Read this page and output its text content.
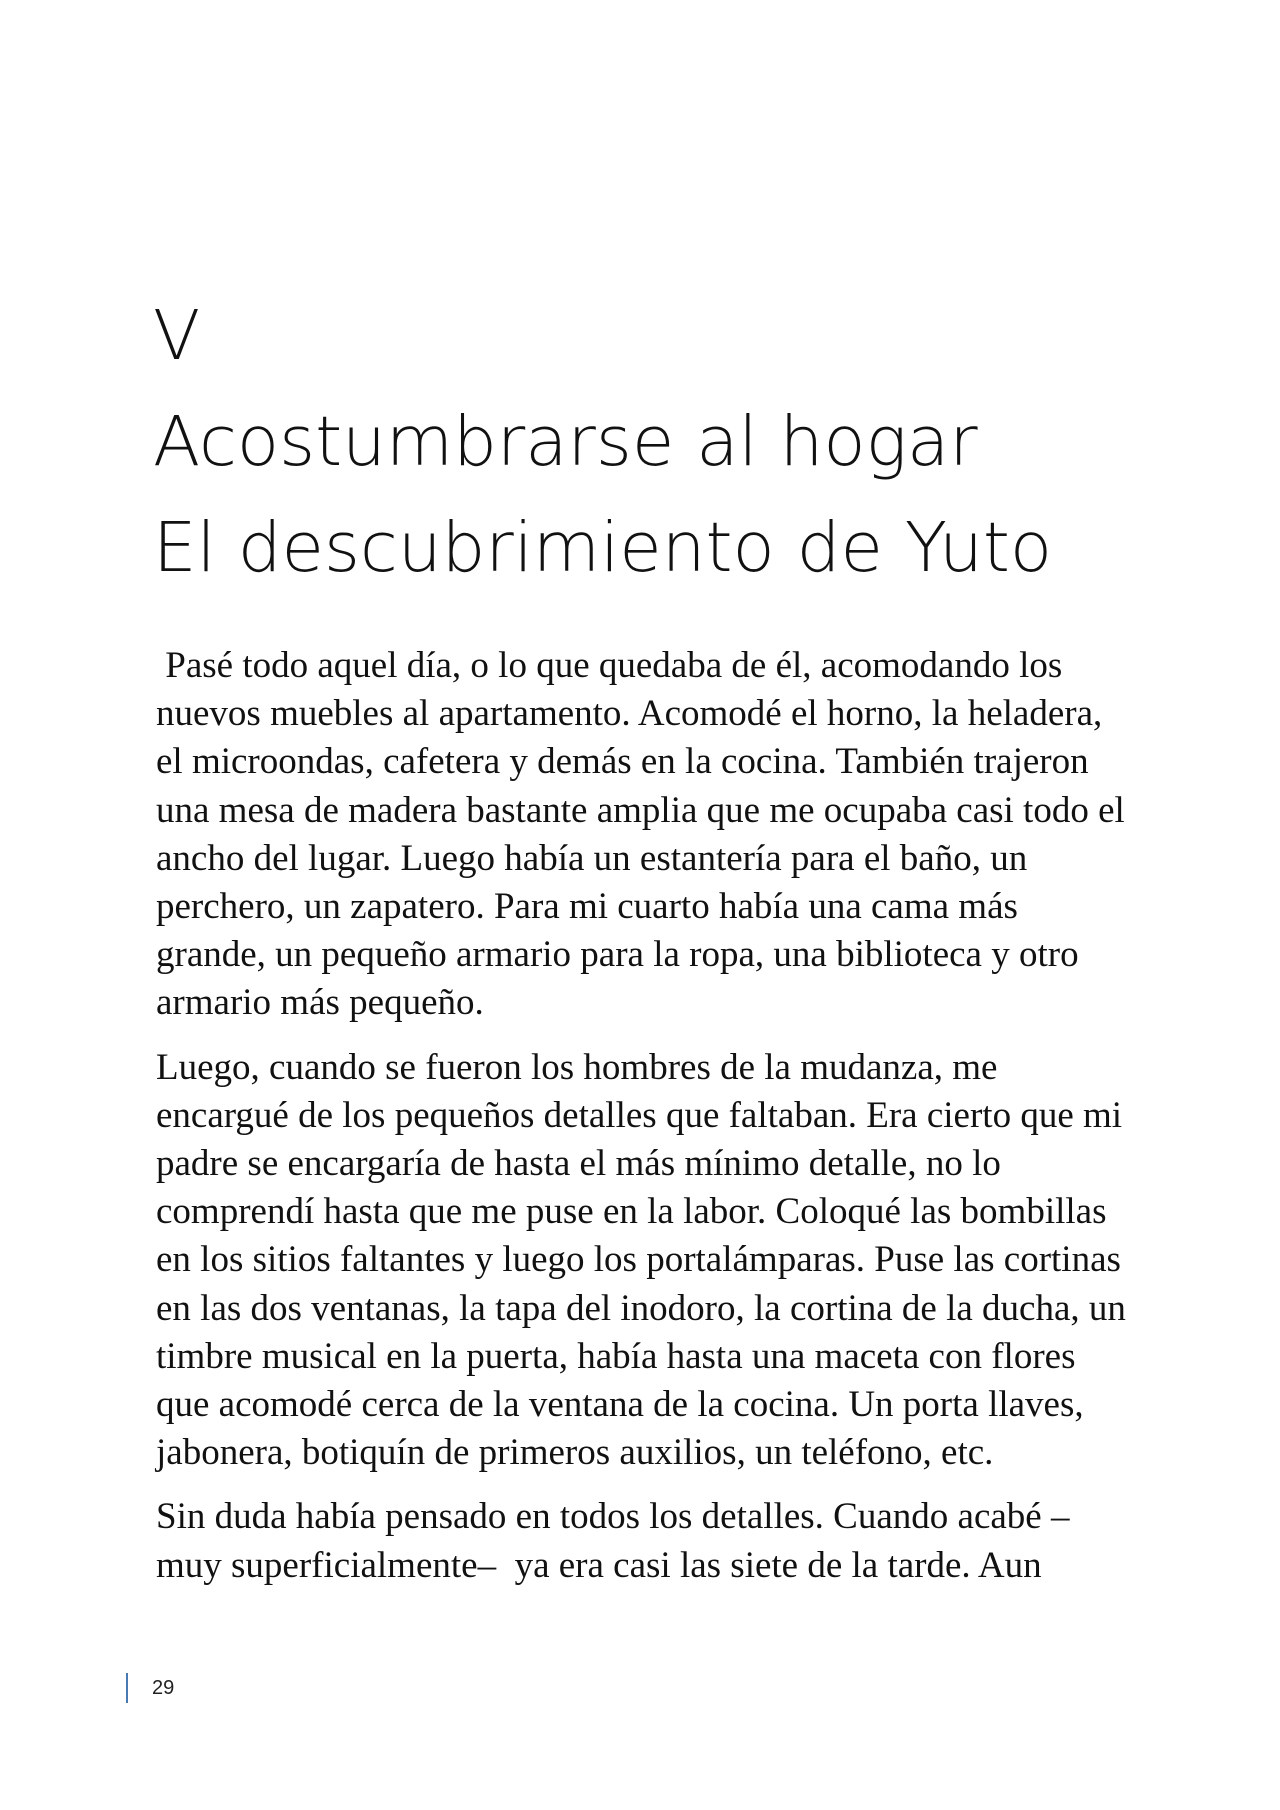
V
Acostumbrarse al hogar
El descubrimiento de Yuto

Pasé todo aquel día, o lo que quedaba de él, acomodando los nuevos muebles al apartamento. Acomodé el horno, la heladera, el microondas, cafetera y demás en la cocina. También trajeron una mesa de madera bastante amplia que me ocupaba casi todo el ancho del lugar. Luego había un estantería para el baño, un perchero, un zapatero. Para mi cuarto había una cama más grande, un pequeño armario para la ropa, una biblioteca y otro armario más pequeño.

Luego, cuando se fueron los hombres de la mudanza, me encargué de los pequeños detalles que faltaban. Era cierto que mi padre se encargaría de hasta el más mínimo detalle, no lo comprendí hasta que me puse en la labor. Coloqué las bombillas en los sitios faltantes y luego los portalámparas. Puse las cortinas en las dos ventanas, la tapa del inodoro, la cortina de la ducha, un timbre musical en la puerta, había hasta una maceta con flores que acomodé cerca de la ventana de la cocina. Un porta llaves, jabonera, botiquín de primeros auxilios, un teléfono, etc.

Sin duda había pensado en todos los detalles. Cuando acabé –muy superficialmente–  ya era casi las siete de la tarde. Aun

29
